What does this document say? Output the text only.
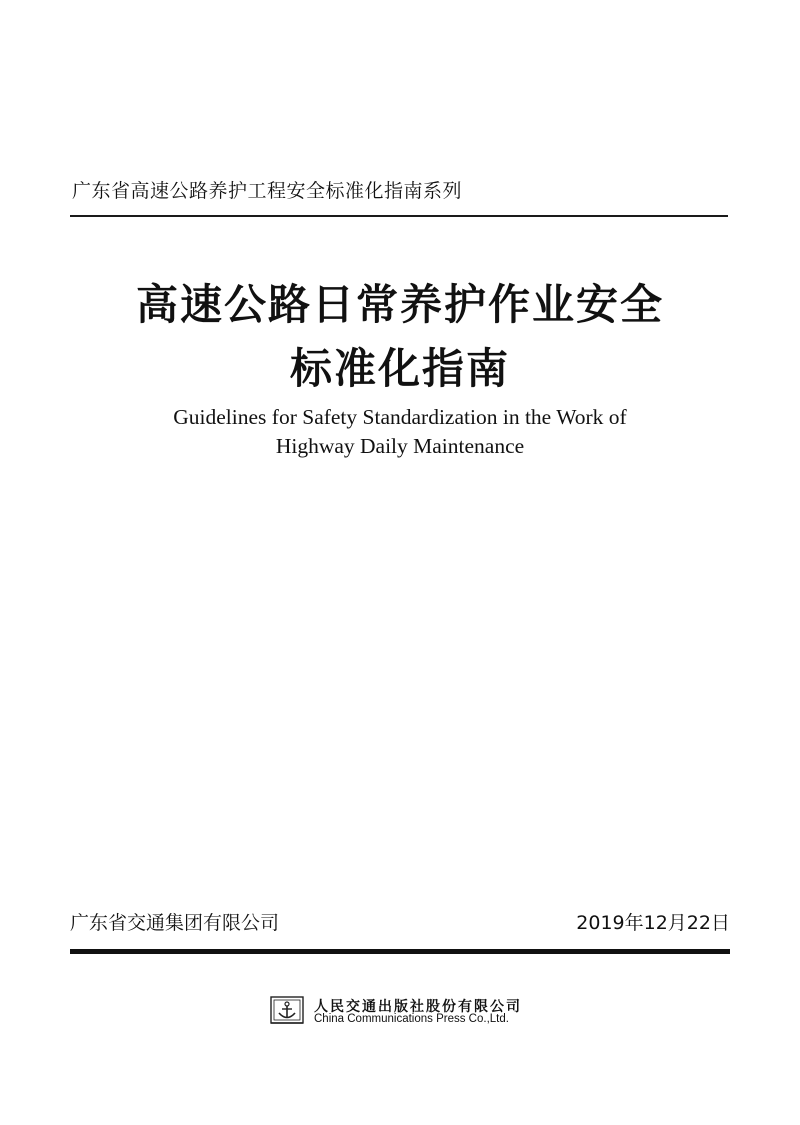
广东省高速公路养护工程安全标准化指南系列
高速公路日常养护作业安全
标准化指南
Guidelines for Safety Standardization in the Work of
Highway Daily Maintenance
广东省交通集团有限公司	2019年12月22日
人民交通出版社股份有限公司
China Communications Press Co.,Ltd.
